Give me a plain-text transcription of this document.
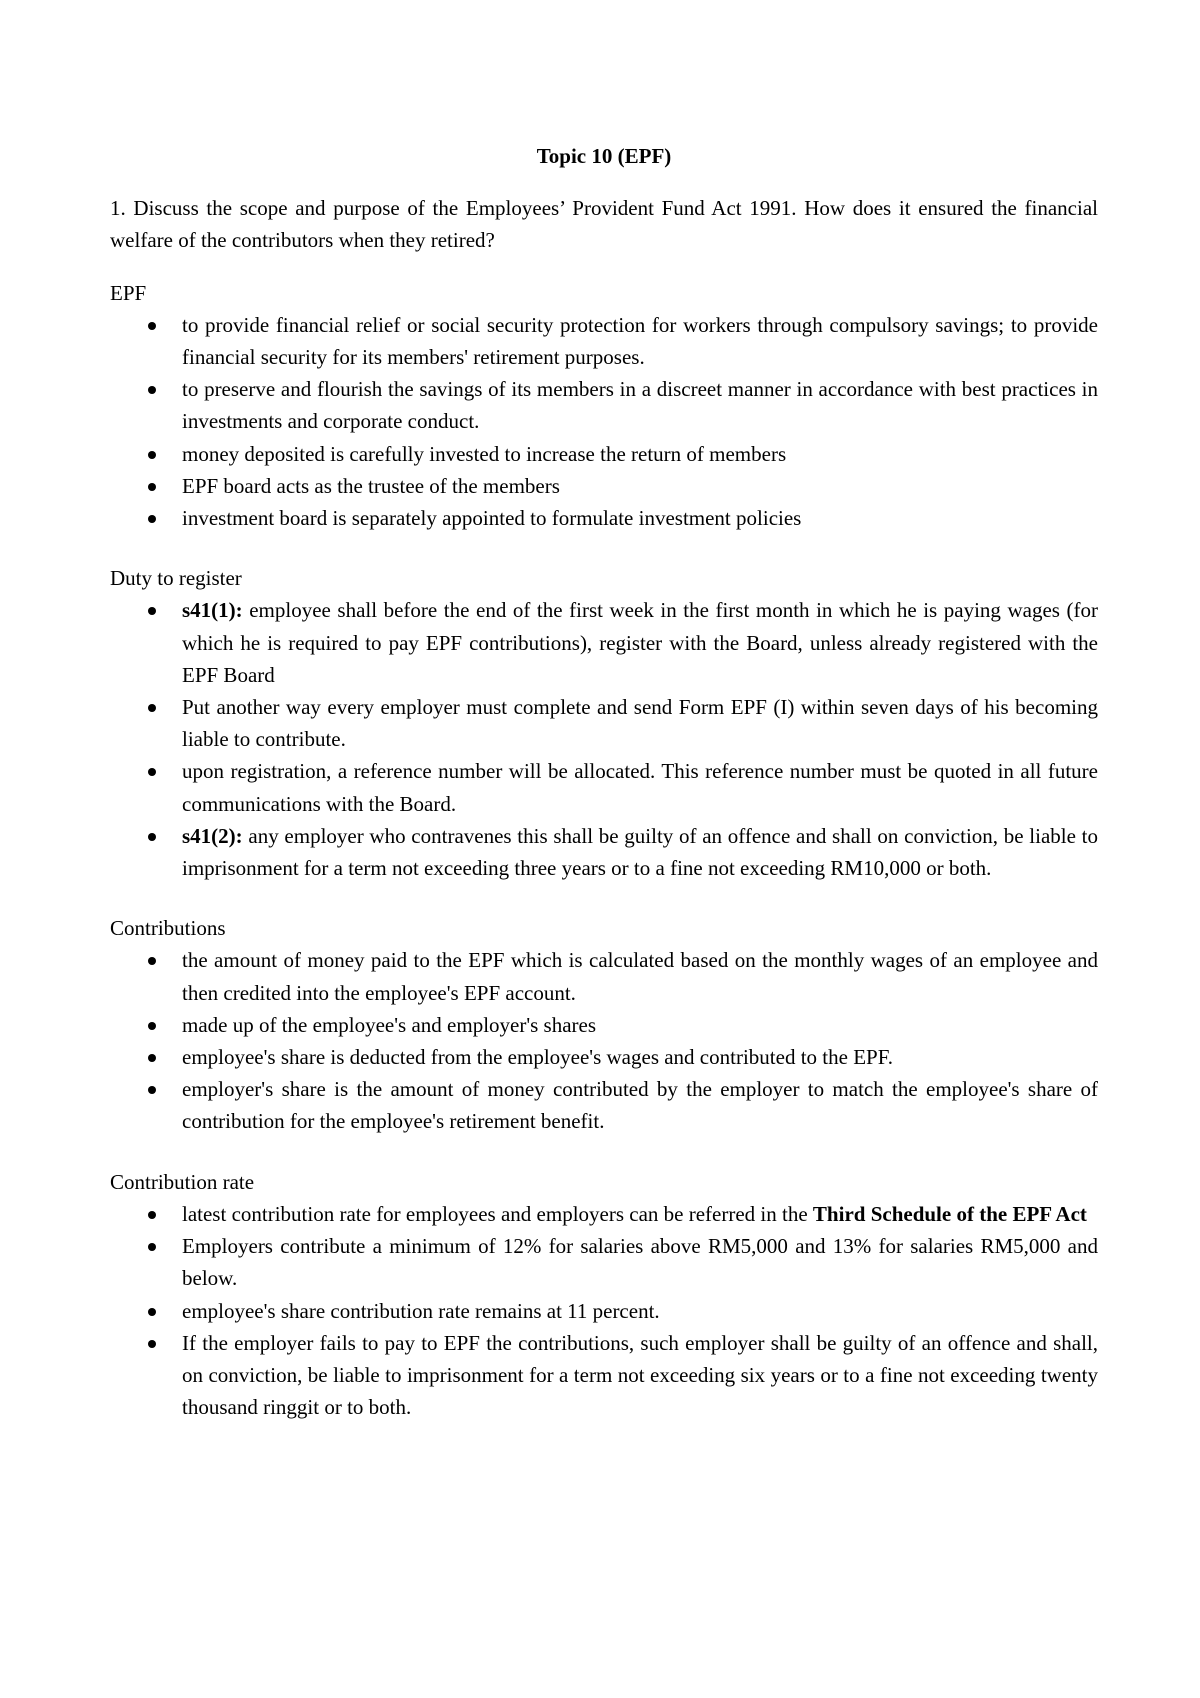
Topic 10 (EPF)

1. Discuss the scope and purpose of the Employees’ Provident Fund Act 1991. How does it ensured the financial welfare of the contributors when they retired?

EPF

to provide financial relief or social security protection for workers through compulsory savings; to provide financial security for its members' retirement purposes.
to preserve and flourish the savings of its members in a discreet manner in accordance with best practices in investments and corporate conduct.
money deposited is carefully invested to increase the return of members
EPF board acts as the trustee of the members
investment board is separately appointed to formulate investment policies

Duty to register

s41(1): employee shall before the end of the first week in the first month in which he is paying wages (for which he is required to pay EPF contributions), register with the Board, unless already registered with the EPF Board
Put another way every employer must complete and send Form EPF (I) within seven days of his becoming liable to contribute.
upon registration, a reference number will be allocated. This reference number must be quoted in all future communications with the Board.
s41(2): any employer who contravenes this shall be guilty of an offence and shall on conviction, be liable to imprisonment for a term not exceeding three years or to a fine not exceeding RM10,000 or both.

Contributions

the amount of money paid to the EPF which is calculated based on the monthly wages of an employee and then credited into the employee's EPF account.
made up of the employee's and employer's shares
employee's share is deducted from the employee's wages and contributed to the EPF.
employer's share is the amount of money contributed by the employer to match the employee's share of contribution for the employee's retirement benefit.

Contribution rate

latest contribution rate for employees and employers can be referred in the Third Schedule of the EPF Act
Employers contribute a minimum of 12% for salaries above RM5,000 and 13% for salaries RM5,000 and below.
employee's share contribution rate remains at 11 percent.
If the employer fails to pay to EPF the contributions, such employer shall be guilty of an offence and shall, on conviction, be liable to imprisonment for a term not exceeding six years or to a fine not exceeding twenty thousand ringgit or to both.
